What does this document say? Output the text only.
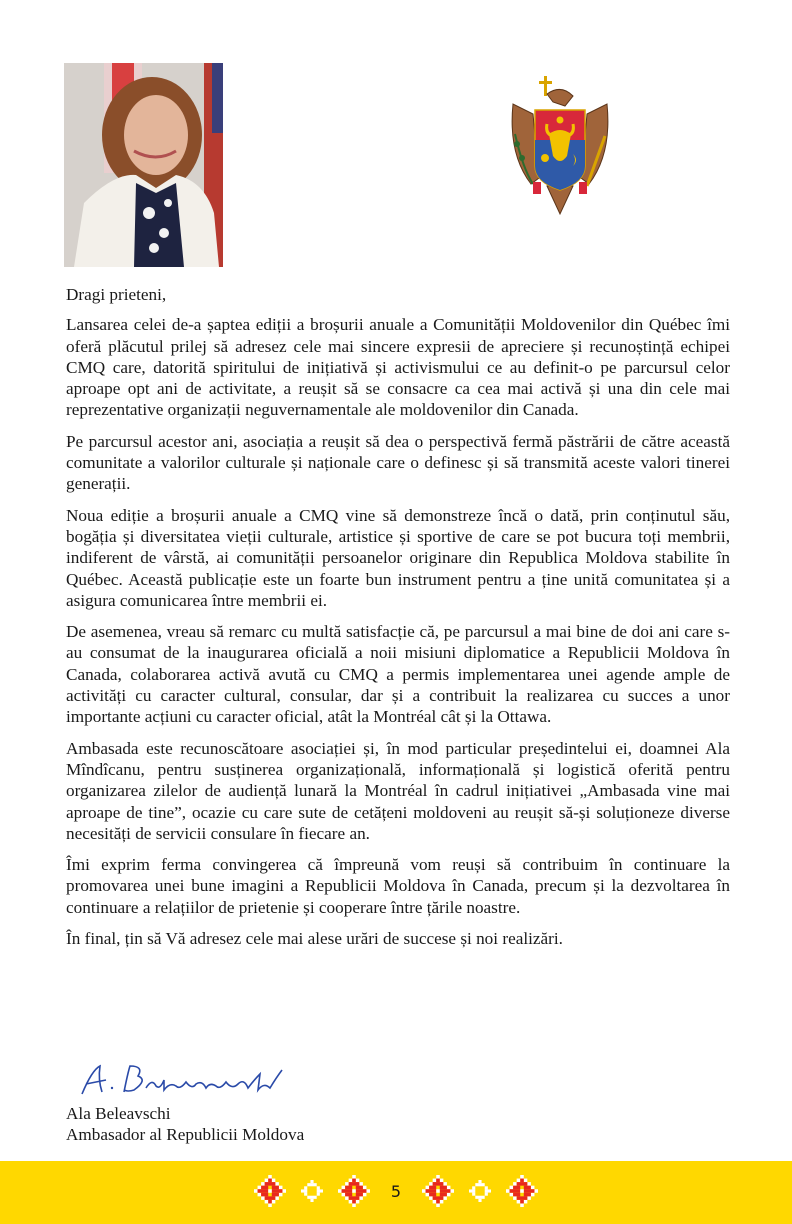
Dragi prieteni,

Lansarea celei de-a șaptea ediții a broșurii anuale a Comunității Moldovenilor din Québec îmi oferă plăcutul prilej să adresez cele mai sincere expresii de apreciere și recunoștință echipei CMQ care, datorită spiritului de inițiativă și activismului ce au definit-o pe parcursul celor aproape opt ani de activitate, a reușit să se consacre ca cea mai activă și una din cele mai reprezentative organizații neguvernamentale ale moldovenilor din Canada.

Pe parcursul acestor ani, asociația a reușit să dea o perspectivă fermă păstrării de către această comunitate a valorilor culturale și naționale care o definesc și să transmită aceste valori tinerei generații.

Noua ediție a broșurii anuale a CMQ vine să demonstreze încă o dată, prin conținutul său, bogăția și diversitatea vieții culturale, artistice și sportive de care se pot bucura toți membrii, indiferent de vârstă, ai comunității persoanelor originare din Republica Moldova stabilite în Québec. Această publicație este un foarte bun instrument pentru a ține unită comunitatea și a asigura comunicarea între membrii ei.

De asemenea, vreau să remarc cu multă satisfacție că, pe parcursul a mai bine de doi ani care s-au consumat de la inaugurarea oficială a noii misiuni diplomatice a Republicii Moldova în Canada, colaborarea activă avută cu CMQ a permis implementarea unei agende ample de activități cu caracter cultural, consular, dar și a contribuit la realizarea cu succes a unor importante acțiuni cu caracter oficial, atât la Montréal cât și la Ottawa.

Ambasada este recunoscătoare asociației și, în mod particular președintelui ei, doamnei Ala Mîndîcanu, pentru susținerea organizațională, informațională și logistică oferită pentru organizarea zilelor de audiență lunară la Montréal în cadrul inițiativei „Ambasada vine mai aproape de tine”, ocazie cu care sute de cetățeni moldoveni au reușit să-și soluționeze diverse necesități de servicii consulare în fiecare an.

Îmi exprim ferma convingerea că împreună vom reuși să contribuim în continuare la promovarea unei bune imagini a Republicii Moldova în Canada, precum și la dezvoltarea în continuare a relațiilor de prietenie și cooperare între țările noastre.

În final, țin să Vă adresez cele mai alese urări de succese și noi realizări.

Ala Beleavschi
Ambasador al Republicii Moldova
5
